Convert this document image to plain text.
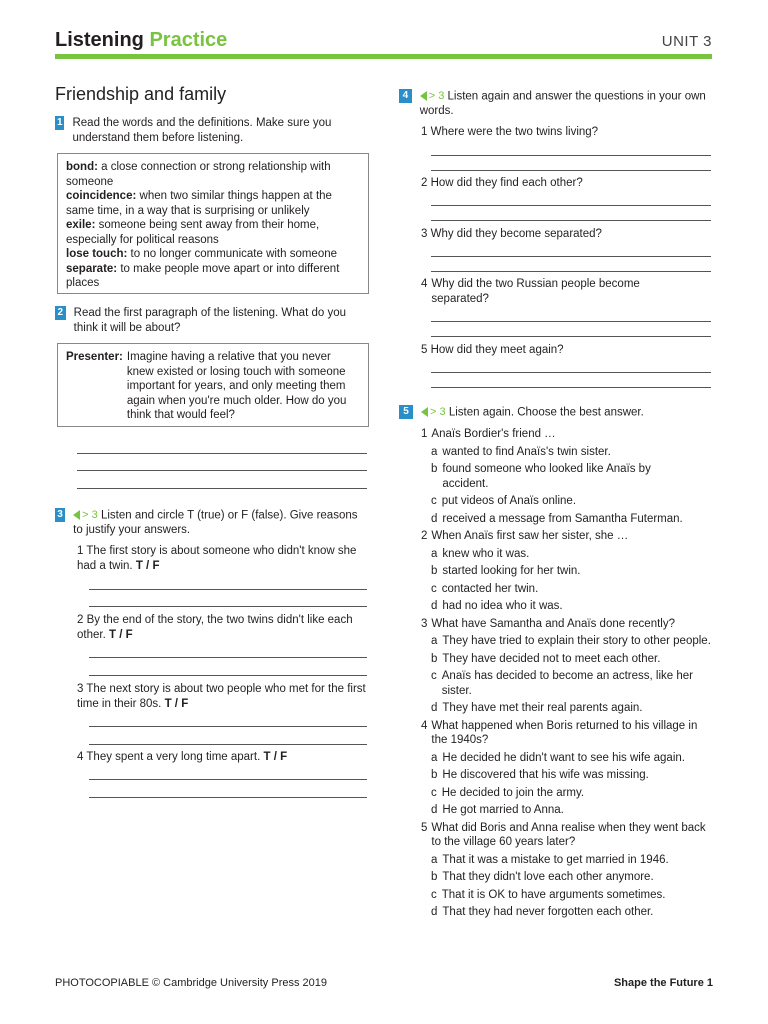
Listening Practice	UNIT 3
Friendship and family
1 Read the words and the definitions. Make sure you understand them before listening.
bond: a close connection or strong relationship with someone
coincidence: when two similar things happen at the same time, in a way that is surprising or unlikely
exile: someone being sent away from their home, especially for political reasons
lose touch: to no longer communicate with someone
separate: to make people move apart or into different places
2 Read the first paragraph of the listening. What do you think it will be about?
Presenter: Imagine having a relative that you never knew existed or losing touch with someone important for years, and only meeting them again when you're much older. How do you think that would feel?
3	> 3 Listen and circle T (true) or F (false). Give reasons to justify your answers.
1 The first story is about someone who didn't know she had a twin. T / F
2 By the end of the story, the two twins didn't like each other. T / F
3 The next story is about two people who met for the first time in their 80s. T / F
4 They spent a very long time apart. T / F
4	> 3 Listen again and answer the questions in your own words.
1 Where were the two twins living?
2 How did they find each other?
3 Why did they become separated?
4 Why did the two Russian people become separated?
5 How did they meet again?
5	> 3 Listen again. Choose the best answer.
1 Anaïs Bordier's friend …
a wanted to find Anaïs's twin sister.
b found someone who looked like Anaïs by accident.
c put videos of Anaïs online.
d received a message from Samantha Futerman.
2 When Anaïs first saw her sister, she …
a knew who it was.
b started looking for her twin.
c contacted her twin.
d had no idea who it was.
3 What have Samantha and Anaïs done recently?
a They have tried to explain their story to other people.
b They have decided not to meet each other.
c Anaïs has decided to become an actress, like her sister.
d They have met their real parents again.
4 What happened when Boris returned to his village in the 1940s?
a He decided he didn't want to see his wife again.
b He discovered that his wife was missing.
c He decided to join the army.
d He got married to Anna.
5 What did Boris and Anna realise when they went back to the village 60 years later?
a That it was a mistake to get married in 1946.
b That they didn't love each other anymore.
c That it is OK to have arguments sometimes.
d That they had never forgotten each other.
PHOTOCOPIABLE © Cambridge University Press 2019	Shape the Future 1
